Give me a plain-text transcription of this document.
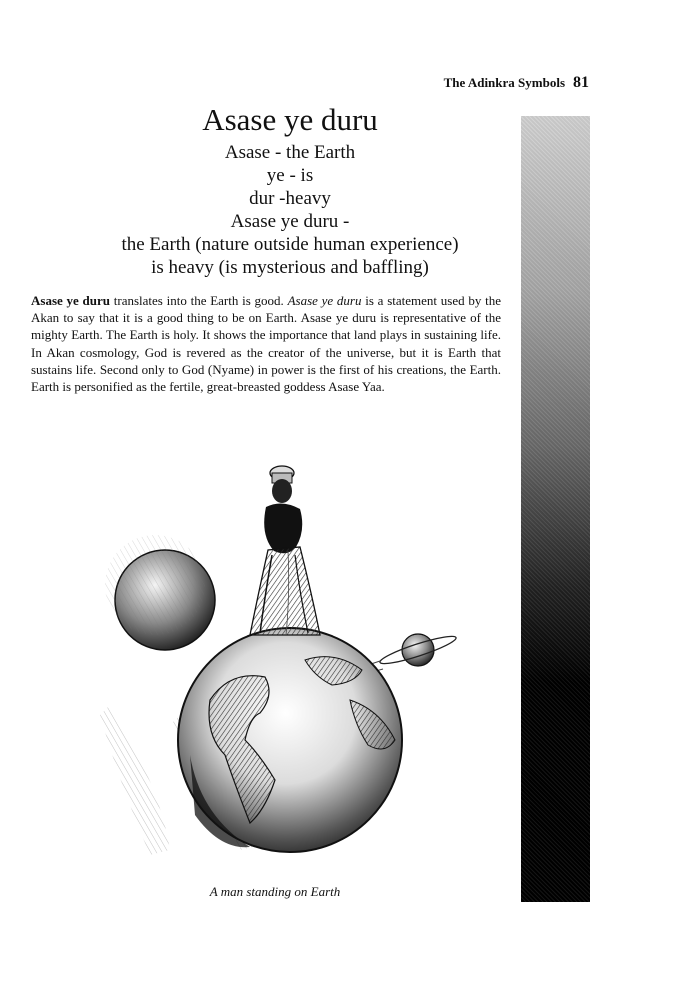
The Adinkra Symbols 81
Asase ye duru
Asase - the Earth
ye - is
dur -heavy
Asase ye duru -
the Earth (nature outside human experience)
is heavy (is mysterious and baffling)

Asase ye duru translates into the Earth is good. Asase ye duru is a statement used by the Akan to say that it is a good thing to be on Earth. Asase ye duru is representative of the mighty Earth. The Earth is holy. It shows the importance that land plays in sustaining life. In Akan cosmology, God is revered as the creator of the universe, but it is Earth that sustains life. Second only to God (Nyame) in power is the first of his creations, the Earth. Earth is personified as the fertile, great-breasted goddess Asase Yaa.

A man standing on Earth
